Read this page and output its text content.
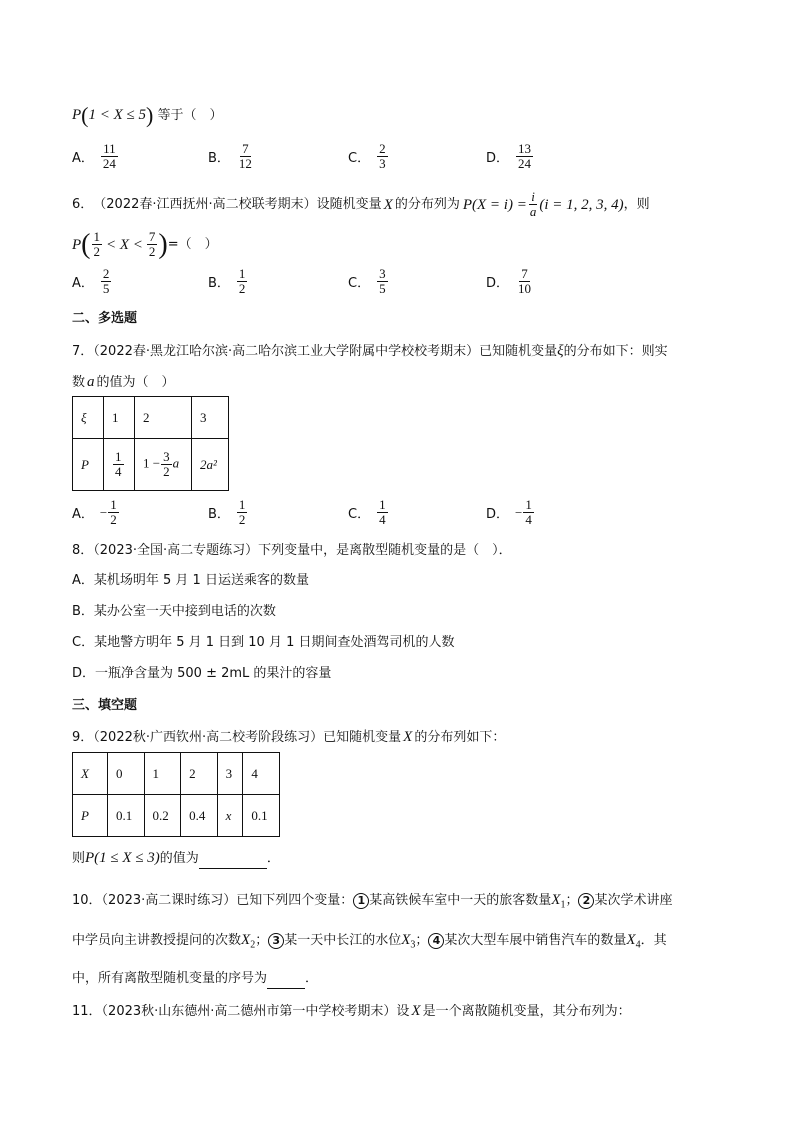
P(1 < X ≤ 5) 等于（　）
A． $\frac{11}{24}$	B． $\frac{7}{12}$	C． $\frac{2}{3}$	D． $\frac{13}{24}$
6． （2022春·江西抚州·高二校联考期末） 设随机变量 X 的分布列为 $P(X = i) = \frac{i}{a} (i = 1$, 2, 3, 4) ，则
P ( $\frac{1}{2} < X < \frac{7}{2}$ ) =（　）
A． $\frac{2}{5}$	B． $\frac{1}{2}$	C． $\frac{3}{5}$	D． $\frac{7}{10}$
二、多选题
7．（2022春·黑龙江哈尔滨·高二哈尔滨工业大学附属中学校校考期末）已知随机变量ξ的分布如下：则实
数 a 的值为（　）
ξ	1	2	3
P	$\frac{1}{4}$	$1 - \frac{3}{2}$ a	2a²
A． − $\frac{1}{2}$	B． $\frac{1}{2}$	C． $\frac{1}{4}$	D． − $\frac{1}{4}$
8．（2023·全国·高二专题练习）下列变量中，是离散型随机变量的是（　）．
A．某机场明年 5 月 1 日运送乘客的数量
B．某办公室一天中接到电话的次数
C．某地警方明年 5 月 1 日到 10 月 1 日期间查处酒驾司机的人数
D．一瓶净含量为 500 ± 2mL 的果汁的容量
三、填空题
9．（2022秋·广西钦州·高二校考阶段练习）已知随机变量 X 的分布列如下：
X	0	1	2	3	4
P	0.1	0.2	0.4	x	0.1
则P(1 ≤ X ≤ 3)的值为	．
10．（2023·高二课时练习）已知下列四个变量： 1 某高铁候车室中一天的旅客数量$X_1$； 2 某次学术讲座
中学员向主讲教授提问的次数$X_2$； 3 某一天中长江的水位$X_3$； 4 某次大型车展中销售汽车的数量$X_4$．其
中，所有离散型随机变量的序号为	．
11．（2023秋·山东德州·高二德州市第一中学校考期末）设 X 是一个离散随机变量，其分布列为：
